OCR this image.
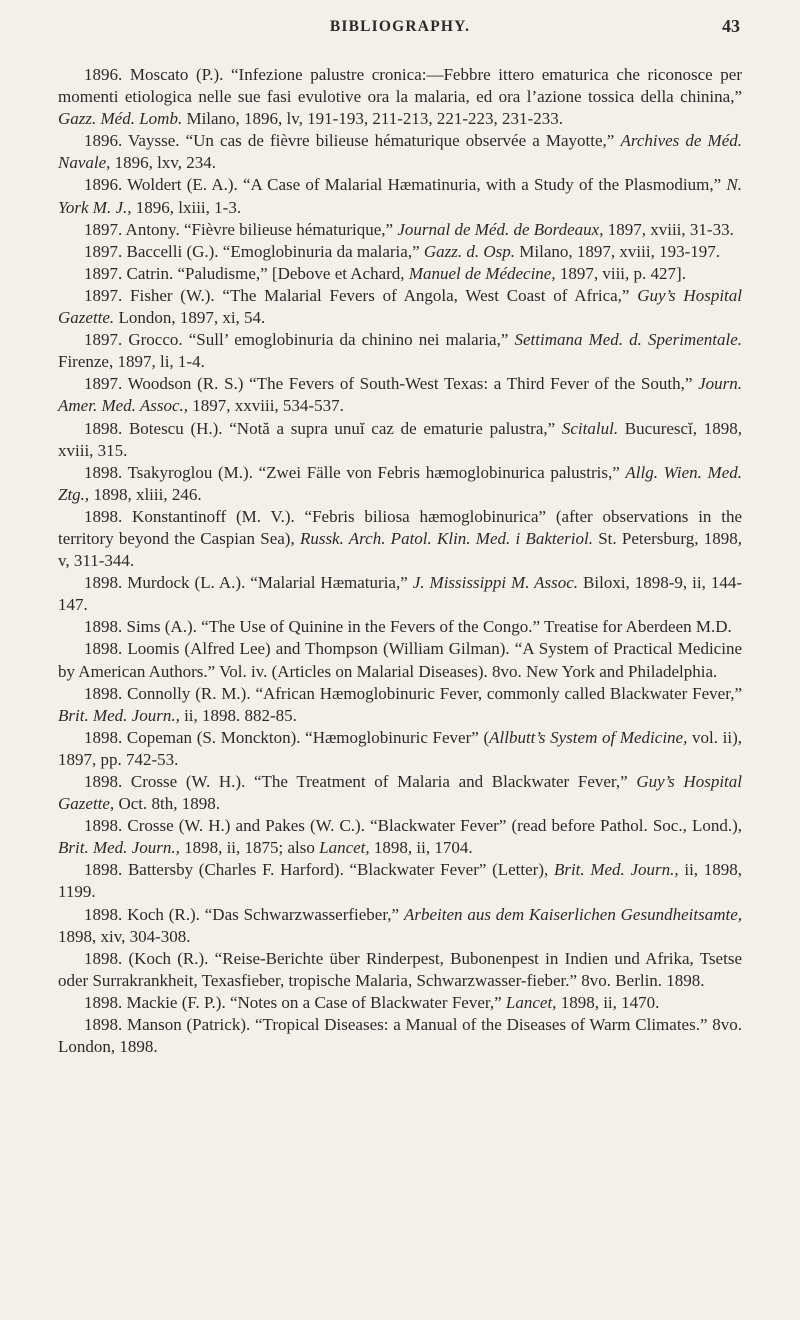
BIBLIOGRAPHY.	43

1896. Moscato (P.). “Infezione palustre cronica:—Febbre ittero ematurica che riconosce per momenti etiologica nelle sue fasi evulotive ora la malaria, ed ora l’azione tossica della chinina,” Gazz. Méd. Lomb. Milano, 1896, lv, 191-193, 211-213, 221-223, 231-233.

1896. Vaysse. “Un cas de fièvre bilieuse hématurique observée a Mayotte,” Archives de Méd. Navale, 1896, lxv, 234.

1896. Woldert (E. A.). “A Case of Malarial Hæmatinuria, with a Study of the Plasmodium,” N. York M. J., 1896, lxiii, 1-3.

1897. Antony. “Fièvre bilieuse hématurique,” Journal de Méd. de Bordeaux, 1897, xviii, 31-33.

1897. Baccelli (G.). “Emoglobinuria da malaria,” Gazz. d. Osp. Milano, 1897, xviii, 193-197.

1897. Catrin. “Paludisme,” [Debove et Achard, Manuel de Médecine, 1897, viii, p. 427].

1897. Fisher (W.). “The Malarial Fevers of Angola, West Coast of Africa,” Guy’s Hospital Gazette. London, 1897, xi, 54.

1897. Grocco. “Sull’ emoglobinuria da chinino nei malaria,” Settimana Med. d. Sperimentale. Firenze, 1897, li, 1-4.

1897. Woodson (R. S.) “The Fevers of South-West Texas: a Third Fever of the South,” Journ. Amer. Med. Assoc., 1897, xxviii, 534-537.

1898. Botescu (H.). “Notă a supra unuĭ caz de ematurie palustra,” Scitalul. Bucurescĭ, 1898, xviii, 315.

1898. Tsakyroglou (M.). “Zwei Fälle von Febris hæmoglobinurica palustris,” Allg. Wien. Med. Ztg., 1898, xliii, 246.

1898. Konstantinoff (M. V.). “Febris biliosa hæmoglobinurica” (after observations in the territory beyond the Caspian Sea), Russk. Arch. Patol. Klin. Med. i Bakteriol. St. Petersburg, 1898, v, 311-344.

1898. Murdock (L. A.). “Malarial Hæmaturia,” J. Mississippi M. Assoc. Biloxi, 1898-9, ii, 144-147.

1898. Sims (A.). “The Use of Quinine in the Fevers of the Congo.” Treatise for Aberdeen M.D.

1898. Loomis (Alfred Lee) and Thompson (William Gilman). “A System of Practical Medicine by American Authors.” Vol. iv. (Articles on Malarial Diseases). 8vo. New York and Philadelphia.

1898. Connolly (R. M.). “African Hæmoglobinuric Fever, commonly called Blackwater Fever,” Brit. Med. Journ., ii, 1898. 882-85.

1898. Copeman (S. Monckton). “Hæmoglobinuric Fever” (Allbutt’s System of Medicine, vol. ii), 1897, pp. 742-53.

1898. Crosse (W. H.). “The Treatment of Malaria and Blackwater Fever,” Guy’s Hospital Gazette, Oct. 8th, 1898.

1898. Crosse (W. H.) and Pakes (W. C.). “Blackwater Fever” (read before Pathol. Soc., Lond.), Brit. Med. Journ., 1898, ii, 1875; also Lancet, 1898, ii, 1704.

1898. Battersby (Charles F. Harford). “Blackwater Fever” (Letter), Brit. Med. Journ., ii, 1898, 1199.

1898. Koch (R.). “Das Schwarzwasserfieber,” Arbeiten aus dem Kaiserlichen Gesundheitsamte, 1898, xiv, 304-308.

1898. (Koch (R.). “Reise-Berichte über Rinderpest, Bubonenpest in Indien und Afrika, Tsetse oder Surrakrankheit, Texasfieber, tropische Malaria, Schwarzwasser-fieber.” 8vo. Berlin. 1898.

1898. Mackie (F. P.). “Notes on a Case of Blackwater Fever,” Lancet, 1898, ii, 1470.

1898. Manson (Patrick). “Tropical Diseases: a Manual of the Diseases of Warm Climates.” 8vo. London, 1898.
